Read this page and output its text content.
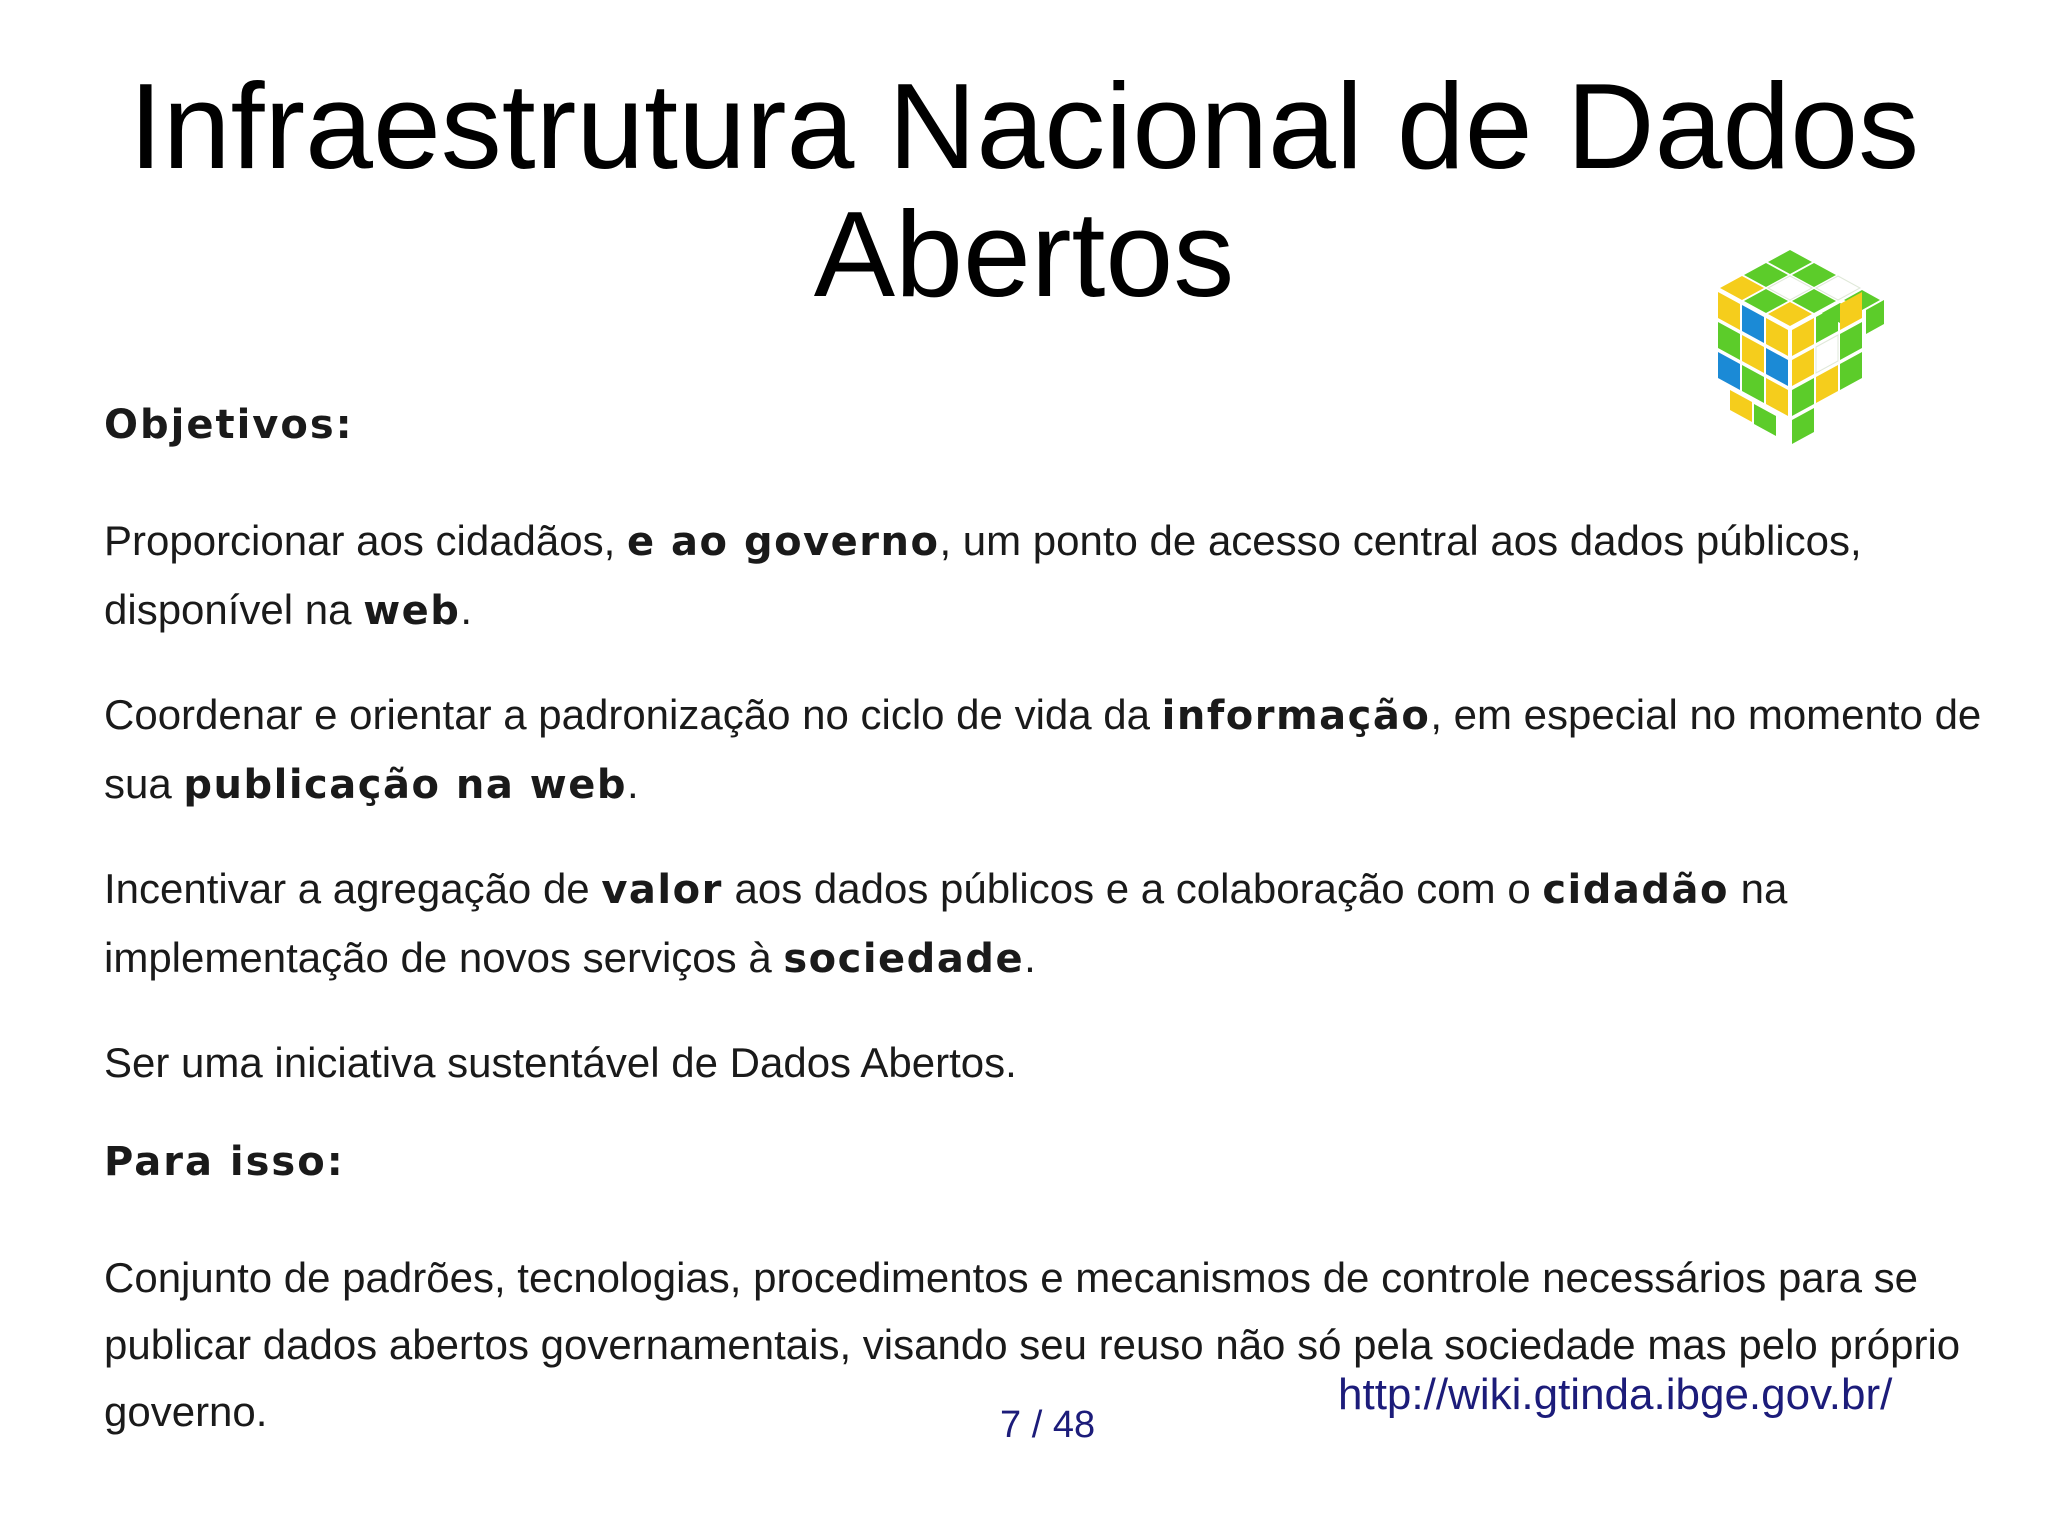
Infraestrutura Nacional de Dados
Abertos

Objetivos:

Proporcionar aos cidadãos, e ao governo, um ponto de acesso central aos dados públicos, disponível na web.

Coordenar e orientar a padronização no ciclo de vida da informação, em especial no momento de sua publicação na web.

Incentivar a agregação de valor aos dados públicos e a colaboração com o cidadão na implementação de novos serviços à sociedade.

Ser uma iniciativa sustentável de Dados Abertos.

Para isso:

Conjunto de padrões, tecnologias, procedimentos e mecanismos de controle necessários para se publicar dados abertos governamentais, visando seu reuso não só pela sociedade mas pelo próprio governo.	http://wiki.gtinda.ibge.gov.br/
7 / 48
